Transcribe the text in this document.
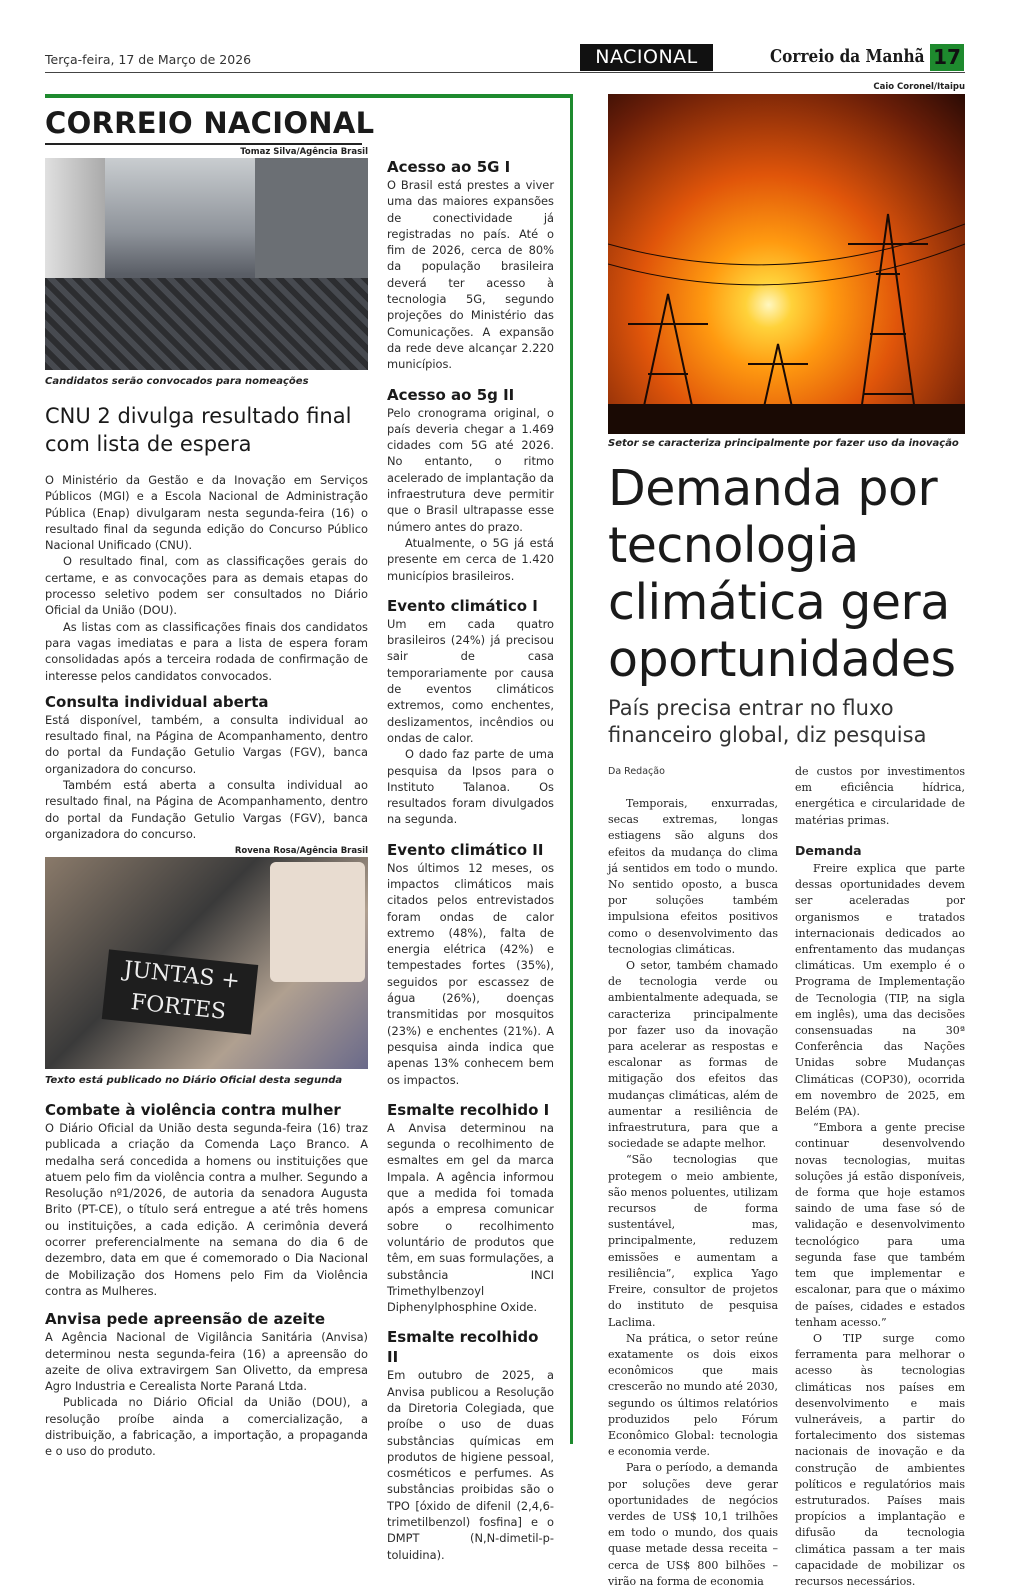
Terça-feira, 17 de Março de 2026	NACIONAL	Correio da Manhã 17
CORREIO NACIONAL
Tomaz Silva/Agência Brasil
Candidatos serão convocados para nomeações
CNU 2 divulga resultado final com lista de espera

O Ministério da Gestão e da Inovação em Serviços Públicos (MGI) e a Escola Nacional de Administração Pública (Enap) divulgaram nesta segunda-feira (16) o resultado final da segunda edição do Concurso Público Nacional Unificado (CNU).

O resultado final, com as classificações gerais do certame, e as convocações para as demais etapas do processo seletivo podem ser consultados no Diário Oficial da União (DOU).

As listas com as classificações finais dos candidatos para vagas imediatas e para a lista de espera foram consolidadas após a terceira rodada de confirmação de interesse pelos candidatos convocados.

Consulta individual aberta

Está disponível, também, a consulta individual ao resultado final, na Página de Acompanhamento, dentro do portal da Fundação Getulio Vargas (FGV), banca organizadora do concurso.

Também está aberta a consulta individual ao resultado final, na Página de Acompanhamento, dentro do portal da Fundação Getulio Vargas (FGV), banca organizadora do concurso.

Rovena Rosa/Agência Brasil
JUNTAS + FORTES
Texto está publicado no Diário Oficial desta segunda
Combate à violência contra mulher

O Diário Oficial da União desta segunda-feira (16) traz publicada a criação da Comenda Laço Branco. A medalha será concedida a homens ou instituições que atuem pelo fim da violência contra a mulher. Segundo a Resolução nº1/2026, de autoria da senadora Augusta Brito (PT-CE), o título será entregue a até três homens ou instituições, a cada edição. A cerimônia deverá ocorrer preferencialmente na semana do dia 6 de dezembro, data em que é comemorado o Dia Nacional de Mobilização dos Homens pelo Fim da Violência contra as Mulheres.

Anvisa pede apreensão de azeite

A Agência Nacional de Vigilância Sanitária (Anvisa) determinou nesta segunda-feira (16) a apreensão do azeite de oliva extravirgem San Olivetto, da empresa Agro Industria e Cerealista Norte Paraná Ltda.

Publicada no Diário Oficial da União (DOU), a resolução proíbe ainda a comercialização, a distribuição, a fabricação, a importação, a propaganda e o uso do produto.

Acesso ao 5G I

O Brasil está prestes a viver uma das maiores expansões de conectividade já registradas no país. Até o fim de 2026, cerca de 80% da população brasileira deverá ter acesso à tecnologia 5G, segundo projeções do Ministério das Comunicações. A expansão da rede deve alcançar 2.220 municípios.

Acesso ao 5g II

Pelo cronograma original, o país deveria chegar a 1.469 cidades com 5G até 2026. No entanto, o ritmo acelerado de implantação da infraestrutura deve permitir que o Brasil ultrapasse esse número antes do prazo.

Atualmente, o 5G já está presente em cerca de 1.420 municípios brasileiros.

Evento climático I

Um em cada quatro brasileiros (24%) já precisou sair de casa temporariamente por causa de eventos climáticos extremos, como enchentes, deslizamentos, incêndios ou ondas de calor.

O dado faz parte de uma pesquisa da Ipsos para o Instituto Talanoa. Os resultados foram divulgados na segunda.

Evento climático II

Nos últimos 12 meses, os impactos climáticos mais citados pelos entrevistados foram ondas de calor extremo (48%), falta de energia elétrica (42%) e tempestades fortes (35%), seguidos por escassez de água (26%), doenças transmitidas por mosquitos (23%) e enchentes (21%). A pesquisa ainda indica que apenas 13% conhecem bem os impactos.

Esmalte recolhido I

A Anvisa determinou na segunda o recolhimento de esmaltes em gel da marca Impala. A agência informou que a medida foi tomada após a empresa comunicar sobre o recolhimento voluntário de produtos que têm, em suas formulações, a substância INCI Trimethylbenzoyl Diphenylphosphine Oxide.

Esmalte recolhido II

Em outubro de 2025, a Anvisa publicou a Resolução da Diretoria Colegiada, que proíbe o uso de duas substâncias químicas em produtos de higiene pessoal, cosméticos e perfumes. As substâncias proibidas são o TPO [óxido de difenil (2,4,6-trimetilbenzol) fosfina] e o DMPT (N,N-dimetil-p-toluidina).

Caio Coronel/Itaipu
Setor se caracteriza principalmente por fazer uso da inovação
Demanda por tecnologia climática gera oportunidades
País precisa entrar no fluxo financeiro global, diz pesquisa
Da Redação

Temporais, enxurradas, secas extremas, longas estiagens são alguns dos efeitos da mudança do clima já sentidos em todo o mundo. No sentido oposto, a busca por soluções também impulsiona efeitos positivos como o desenvolvimento das tecnologias climáticas.

O setor, também chamado de tecnologia verde ou ambientalmente adequada, se caracteriza principalmente por fazer uso da inovação para acelerar as respostas e escalonar as formas de mitigação dos efeitos das mudanças climáticas, além de aumentar a resiliência de infraestrutura, para que a sociedade se adapte melhor.

“São tecnologias que protegem o meio ambiente, são menos poluentes, utilizam recursos de forma sustentável, mas, principalmente, reduzem emissões e aumentam a resiliência”, explica Yago Freire, consultor de projetos do instituto de pesquisa Laclima.

Na prática, o setor reúne exatamente os dois eixos econômicos que mais crescerão no mundo até 2030, segundo os últimos relatórios produzidos pelo Fórum Econômico Global: tecnologia e economia verde.

Para o período, a demanda por soluções deve gerar oportunidades de negócios verdes de US$ 10,1 trilhões em todo o mundo, dos quais quase metade dessa receita – cerca de US$ 800 bilhões – virão na forma de economia

de custos por investimentos em eficiência hídrica, energética e circularidade de matérias primas.
Demanda

Freire explica que parte dessas oportunidades devem ser aceleradas por organismos e tratados internacionais dedicados ao enfrentamento das mudanças climáticas. Um exemplo é o Programa de Implementação de Tecnologia (TIP, na sigla em inglês), uma das decisões consensuadas na 30ª Conferência das Nações Unidas sobre Mudanças Climáticas (COP30), ocorrida em novembro de 2025, em Belém (PA).

“Embora a gente precise continuar desenvolvendo novas tecnologias, muitas soluções já estão disponíveis, de forma que hoje estamos saindo de uma fase só de validação e desenvolvimento tecnológico para uma segunda fase que também tem que implementar e escalonar, para que o máximo de países, cidades e estados tenham acesso.”

O TIP surge como ferramenta para melhorar o acesso às tecnologias climáticas nos países em desenvolvimento e mais vulneráveis, a partir do fortalecimento dos sistemas nacionais de inovação e da construção de ambientes políticos e regulatórios mais estruturados. Países mais propícios a implantação e difusão da tecnologia climática passam a ter mais capacidade de mobilizar os recursos necessários.
